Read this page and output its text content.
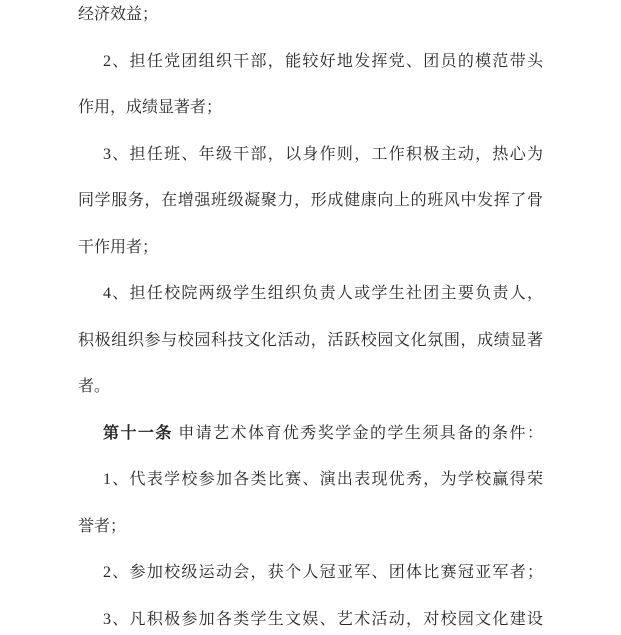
经济效益；
2、担任党团组织干部，能较好地发挥党、团员的模范带头
作用，成绩显著者；
3、担任班、年级干部，以身作则，工作积极主动，热心为
同学服务，在增强班级凝聚力，形成健康向上的班风中发挥了骨
干作用者；
4、担任校院两级学生组织负责人或学生社团主要负责人，
积极组织参与校园科技文化活动，活跃校园文化氛围，成绩显著
者。
第十一条 申请艺术体育优秀奖学金的学生须具备的条件：
1、代表学校参加各类比赛、演出表现优秀，为学校赢得荣
誉者；
2、参加校级运动会，获个人冠亚军、团体比赛冠亚军者；
3、凡积极参加各类学生文娱、艺术活动，对校园文化建设
